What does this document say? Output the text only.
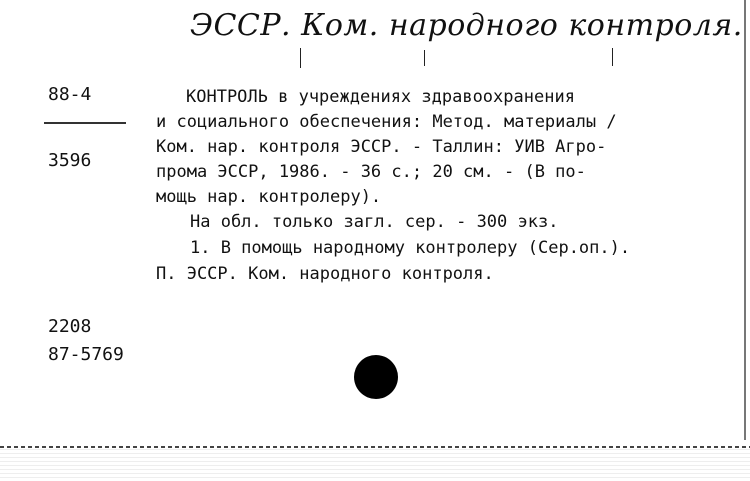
ЭССР. Ком. народного контроля.
88-4
3596
КОНТРОЛЬ в учреждениях здравоохранения
и социального обеспечения: Метод. материалы /
Ком. нар. контроля ЭССР. - Таллин: УИВ Агро-
прома ЭССР, 1986. - 36 с.; 20 см. - (В по-
мощь нар. контролеру).
На обл. только загл. сер. - 300 экз.
1. В помощь народному контролеру (Сер.оп.).
П. ЭССР. Ком. народного контроля.
2208
87-5769
